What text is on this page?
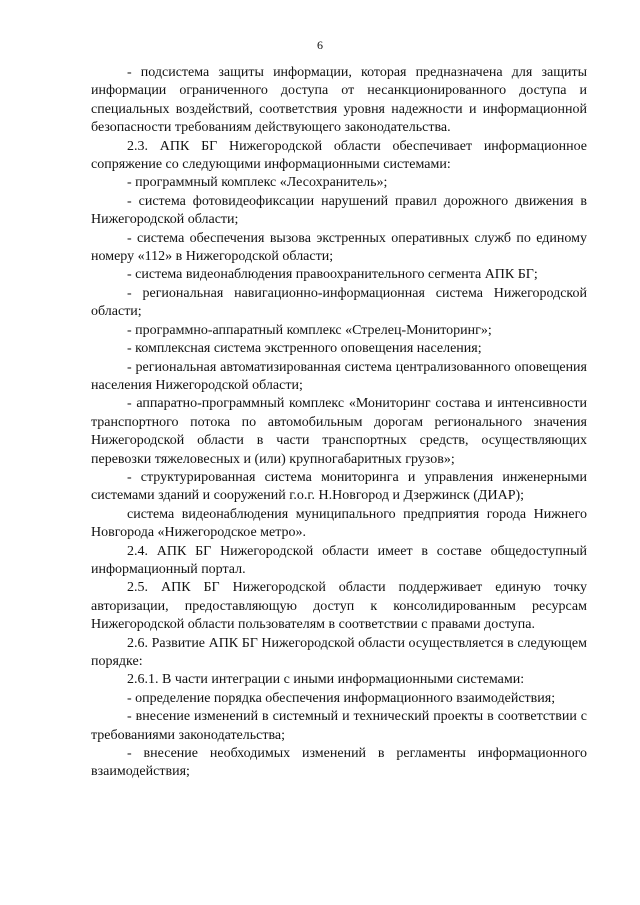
6

- подсистема защиты информации, которая предназначена для защиты информации ограниченного доступа от несанкционированного доступа и специальных воздействий, соответствия уровня надежности и информационной безопасности требованиям действующего законодательства.

2.3. АПК БГ Нижегородской области обеспечивает информационное сопряжение со следующими информационными системами:

- программный комплекс «Лесохранитель»;

- система фотовидеофиксации нарушений правил дорожного движения в Нижегородской области;

- система обеспечения вызова экстренных оперативных служб по единому номеру «112» в Нижегородской области;

- система видеонаблюдения правоохранительного сегмента АПК БГ;

- региональная навигационно-информационная система Нижегородской области;

- программно-аппаратный комплекс «Стрелец-Мониторинг»;

- комплексная система экстренного оповещения населения;

- региональная автоматизированная система централизованного оповещения населения Нижегородской области;

- аппаратно-программный комплекс «Мониторинг состава и интенсивности транспортного потока по автомобильным дорогам регионального значения Нижегородской области в части транспортных средств, осуществляющих перевозки тяжеловесных и (или) крупногабаритных грузов»;

- структурированная система мониторинга и управления инженерными системами зданий и сооружений г.о.г. Н.Новгород и Дзержинск (ДИАР);

система видеонаблюдения муниципального предприятия города Нижнего Новгорода «Нижегородское метро».

2.4. АПК БГ Нижегородской области имеет в составе общедоступный информационный портал.

2.5. АПК БГ Нижегородской области поддерживает единую точку авторизации, предоставляющую доступ к консолидированным ресурсам Нижегородской области пользователям в соответствии с правами доступа.

2.6. Развитие АПК БГ Нижегородской области осуществляется в следующем порядке:

2.6.1. В части интеграции с иными информационными системами:

- определение порядка обеспечения информационного взаимодействия;

- внесение изменений в системный и технический проекты в соответствии с требованиями законодательства;

- внесение необходимых изменений в регламенты информационного взаимодействия;
